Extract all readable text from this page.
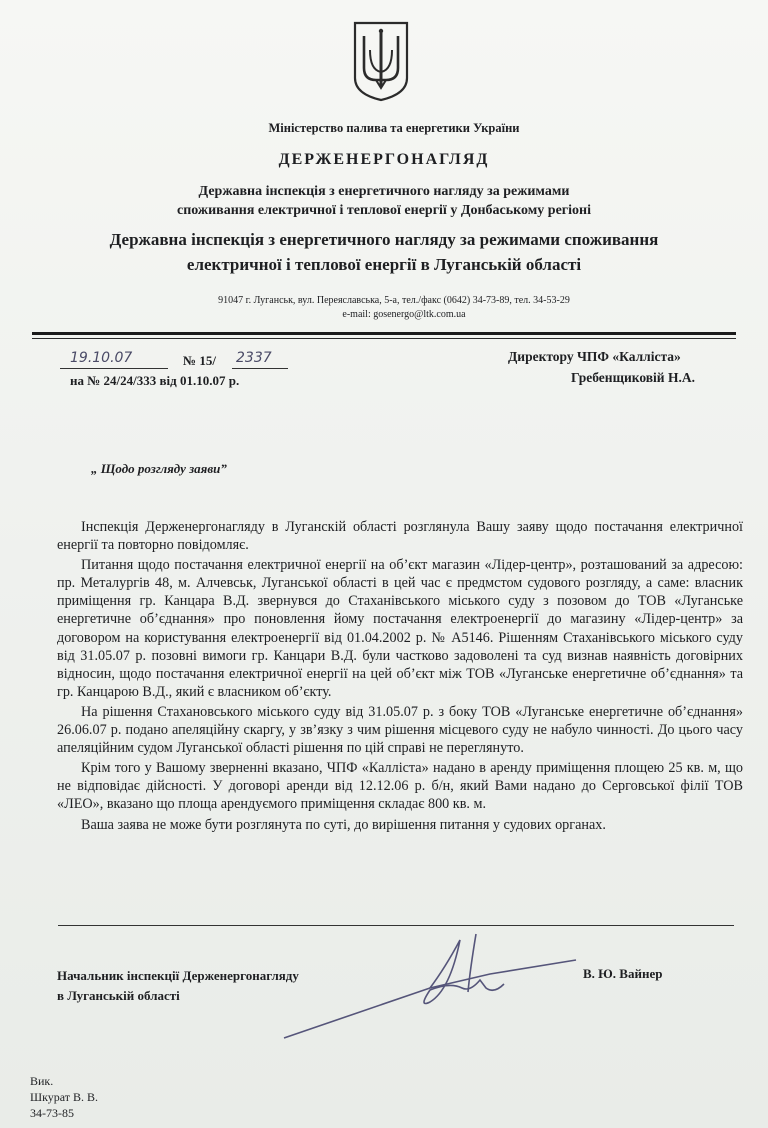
Міністерство палива та енергетики України
ДЕРЖЕНЕРГОНАГЛЯД
Державна інспекція з енергетичного нагляду за режимами
споживання електричної і теплової енергії у Донбаському регіоні
Державна інспекція з енергетичного нагляду за режимами споживання
електричної і теплової енергії в Луганській області
91047 г. Луганськ, вул. Переяславська, 5-а, тел./факс (0642) 34-73-89, тел. 34-53-29
e-mail: gosenergo@ltk.com.ua
19.10.07	№ 15/ 2337
на № 24/24/333 від 01.10.07 р.
Директору ЧПФ «Калліста»
Гребенщиковій Н.А.
„ Щодо розгляду заяви”

Інспекція Держенергонагляду в Луганскій області розглянула Вашу заяву щодо постачання електричної енергії та повторно повідомляє.

Питання щодо постачання електричної енергії на об’єкт магазин «Лідер-центр», розташований за адресою: пр. Металургів 48, м. Алчевськ, Луганської області в цей час є предмстом судового розгляду, а саме: власник приміщення гр. Канцара В.Д. звернувся до Стаханівського міського суду з позовом до ТОВ «Луганське енергетичне об’єднання» про поновлення йому постачання електроенергії до магазину «Лідер-центр» за договором на користування електроенергії від 01.04.2002 р. № А5146. Рішенням Стаханівського міського суду від 31.05.07 р. позовні вимоги гр. Канцари В.Д. були частково задоволені та суд визнав наявність договірних відносин, щодо постачання електричної енергії на цей об’єкт між ТОВ «Луганське енергетичне об’єднання» та гр. Канцарою В.Д., який є власником об’єкту.

На рішення Стахановського міського суду від 31.05.07 р. з боку ТОВ «Луганське енергетичне об’єднання» 26.06.07 р. подано апеляційну скаргу, у зв’язку з чим рішення місцевого суду не набуло чинності. До цього часу апеляційним судом Луганської області рішення по цій справі не переглянуто.

Крім того у Вашому зверненні вказано, ЧПФ «Калліста» надано в аренду приміщення площею 25 кв. м, що не відповідає дійсності. У договорі аренди від 12.12.06 р. б/н, який Вами надано до Серговської філії ТОВ «ЛЕО», вказано що площа арендуємого приміщення складає 800 кв. м.

Ваша заява не може бути розглянута по суті, до вирішення питання у судових органах.

Начальник інспекції Держенергонагляду
в Луганській області
В. Ю. Вайнер
Вик.
Шкурат В. В.
34-73-85
